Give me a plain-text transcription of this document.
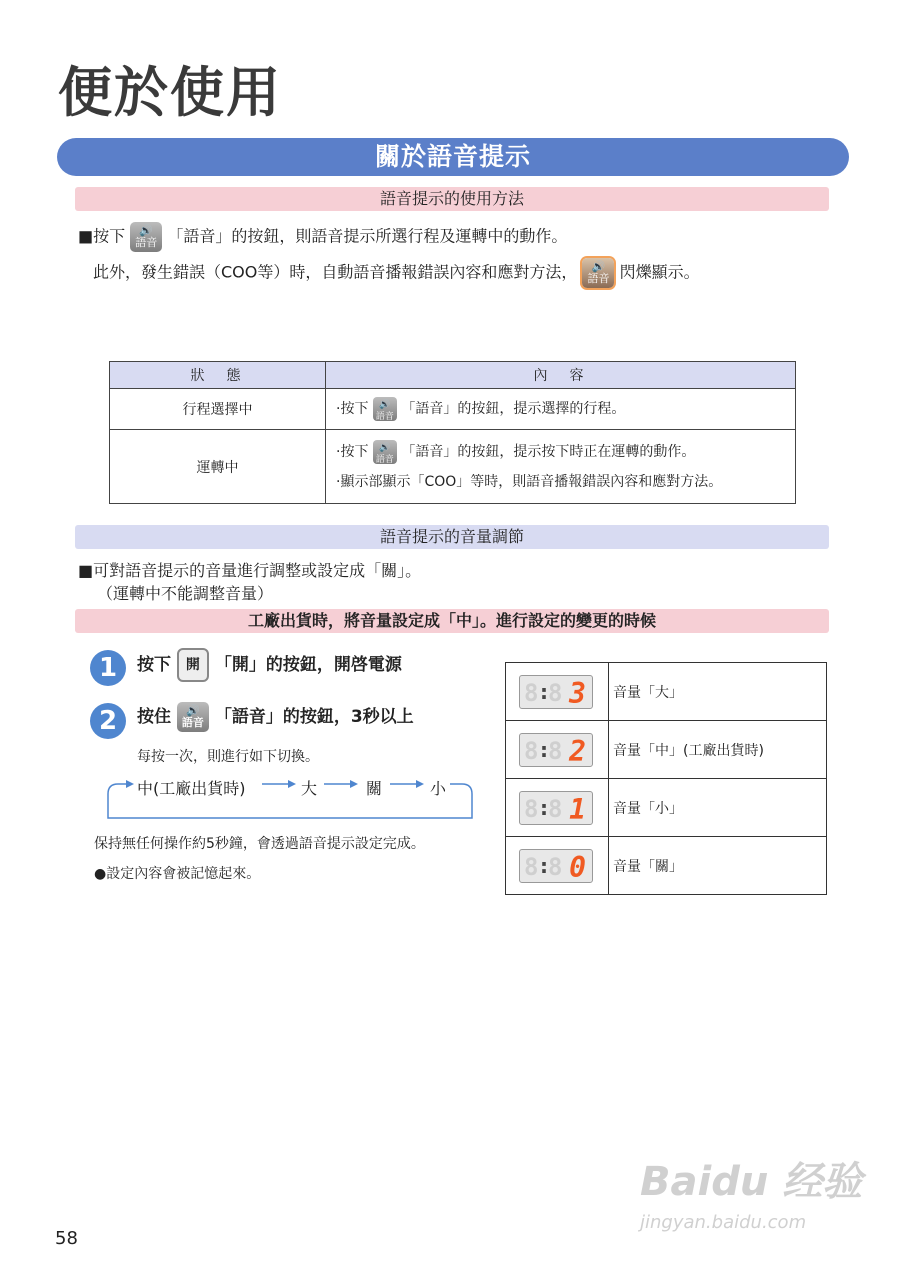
便於使用
關於語音提示
語音提示的使用方法
■按下	🔊
語音 「語音」的按鈕，則語音提示所選行程及運轉中的動作。
此外，發生錯誤（COO等）時，自動語音播報錯誤內容和應對方法，	🔊
語音 閃爍顯示。
狀　態	內　容
行程選擇中	·按下 🔊
語音 「語音」的按鈕，提示選擇的行程。
運轉中	·按下 🔊
語音 「語音」的按鈕，提示按下時正在運轉的動作。
·顯示部顯示「COO」等時，則語音播報錯誤內容和應對方法。
語音提示的音量調節
■可對語音提示的音量進行調整或設定成「關」。
（運轉中不能調整音量）
工廠出貨時，將音量設定成「中」。進行設定的變更的時候
1	按下 開 「開」的按鈕，開啓電源
2	按住	🔊
語音 「語音」的按鈕，3秒以上
每按一次，則進行如下切換。
中(工廠出貨時)	大	關	小
保持無任何操作約5秒鐘，會透過語音提示設定完成。
●設定內容會被記憶起來。
8 : 8 3	音量「大」

8 : 8 2	音量「中」(工廠出貨時)

8 : 8 1	音量「小」

8 : 8 0	音量「關」
Baidu 经验
jingyan.baidu.com
58
